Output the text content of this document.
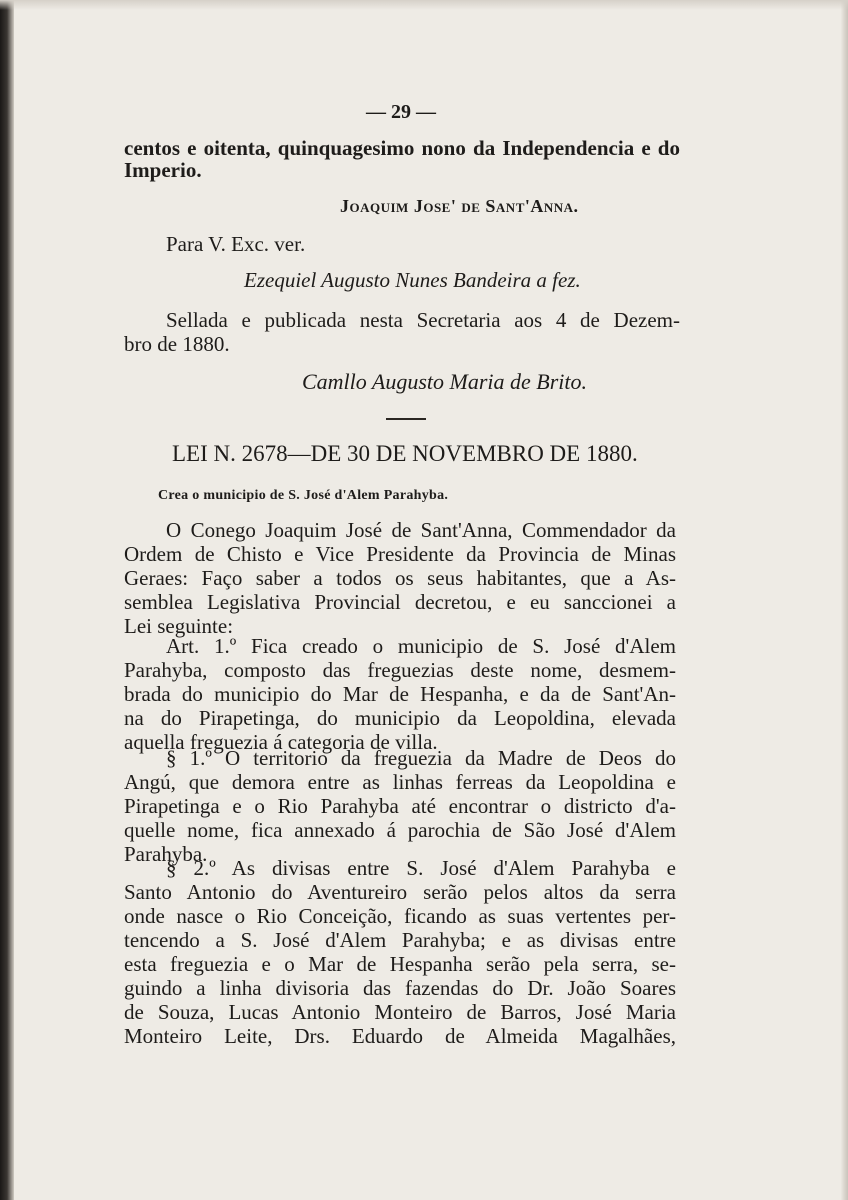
— 29 —
centos e oitenta, quinquagesimo nono da Independencia e do
Imperio.
Joaquim Jose' de Sant'Anna.
Para V. Exc. ver.
Ezequiel Augusto Nunes Bandeira a fez.
Sellada e publicada nesta Secretaria aos 4 de Dezem-
bro de 1880.
Camllo Augusto Maria de Brito.
LEI N. 2678—DE 30 DE NOVEMBRO DE 1880.
Crea o municipio de S. José d'Alem Parahyba.
O Conego Joaquim José de Sant'Anna, Commendador da
Ordem de Chisto e Vice Presidente da Provincia de Minas
Geraes: Faço saber a todos os seus habitantes, que a As-
semblea Legislativa Provincial decretou, e eu sanccionei a
Lei seguinte:
Art. 1.º Fica creado o municipio de S. José d'Alem
Parahyba, composto das freguezias deste nome, desmem-
brada do municipio do Mar de Hespanha, e da de Sant'An-
na do Pirapetinga, do municipio da Leopoldina, elevada
aquella freguezia á categoria de villa.
§ 1.º O territorio da freguezia da Madre de Deos do
Angú, que demora entre as linhas ferreas da Leopoldina e
Pirapetinga e o Rio Parahyba até encontrar o districto d'a-
quelle nome, fica annexado á parochia de São José d'Alem
Parahyba.
§ 2.º As divisas entre S. José d'Alem Parahyba e
Santo Antonio do Aventureiro serão pelos altos da serra
onde nasce o Rio Conceição, ficando as suas vertentes per-
tencendo a S. José d'Alem Parahyba; e as divisas entre
esta freguezia e o Mar de Hespanha serão pela serra, se-
guindo a linha divisoria das fazendas do Dr. João Soares
de Souza, Lucas Antonio Monteiro de Barros, José Maria
Monteiro Leite, Drs. Eduardo de Almeida Magalhães,
